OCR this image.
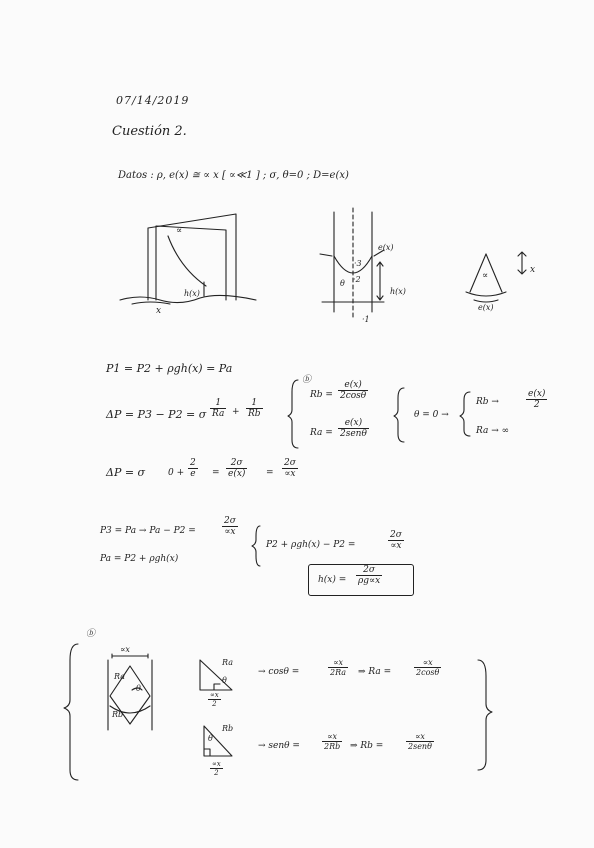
07/14/2019
Cuestión 2.
Datos : ρ, e(x) ≅ ∝ x [ ∝≪1 ] ; σ, θ=0 ; D=e(x)
∝
h(x)
x
e(x)
·3
·2
θ
h(x)
·1
∝
e(x)
x
P1 = P2 + ρgh(x) = Pa
ΔP = P3 − P2 = σ $\frac{1}{Ra} + \frac{1}{Rb}$
ⓑ
$Rb = \frac{e(x)}{2\cos\theta}$
$Ra = \frac{e(x)}{\text{2senθ}}$
θ = 0 →
Rb →	$\frac{e(x)}{2}$
Ra → ∞
ΔP = σ	$0 + \frac{2}{e} = \frac{2\sigma}{e(x)} = \frac{2\sigma}{\propto x}$
P3 = Pa → Pa − P2 =	$\frac{2\sigma}{\propto x}$
Pa = P2 + ρgh(x)
P2 + ρgh(x) − P2 =	$\frac{2\sigma}{\propto x}$
$h(x) = \frac{2\sigma}{\rho g\propto x}$
ⓑ
∝x
Ra
Rb
θ
Ra
θ
$\frac{\propto x}{2}$
→ cosθ =	$\frac{\propto x}{2Ra}$ ⇒ Ra =	$\frac{\propto x}{2\cos\theta}$
Rb
θ
$\frac{\propto x}{2}$
→ senθ =	$\frac{\propto x}{2Rb}$ ⇒ Rb =	$\frac{\propto x}{\text{2senθ}}$
